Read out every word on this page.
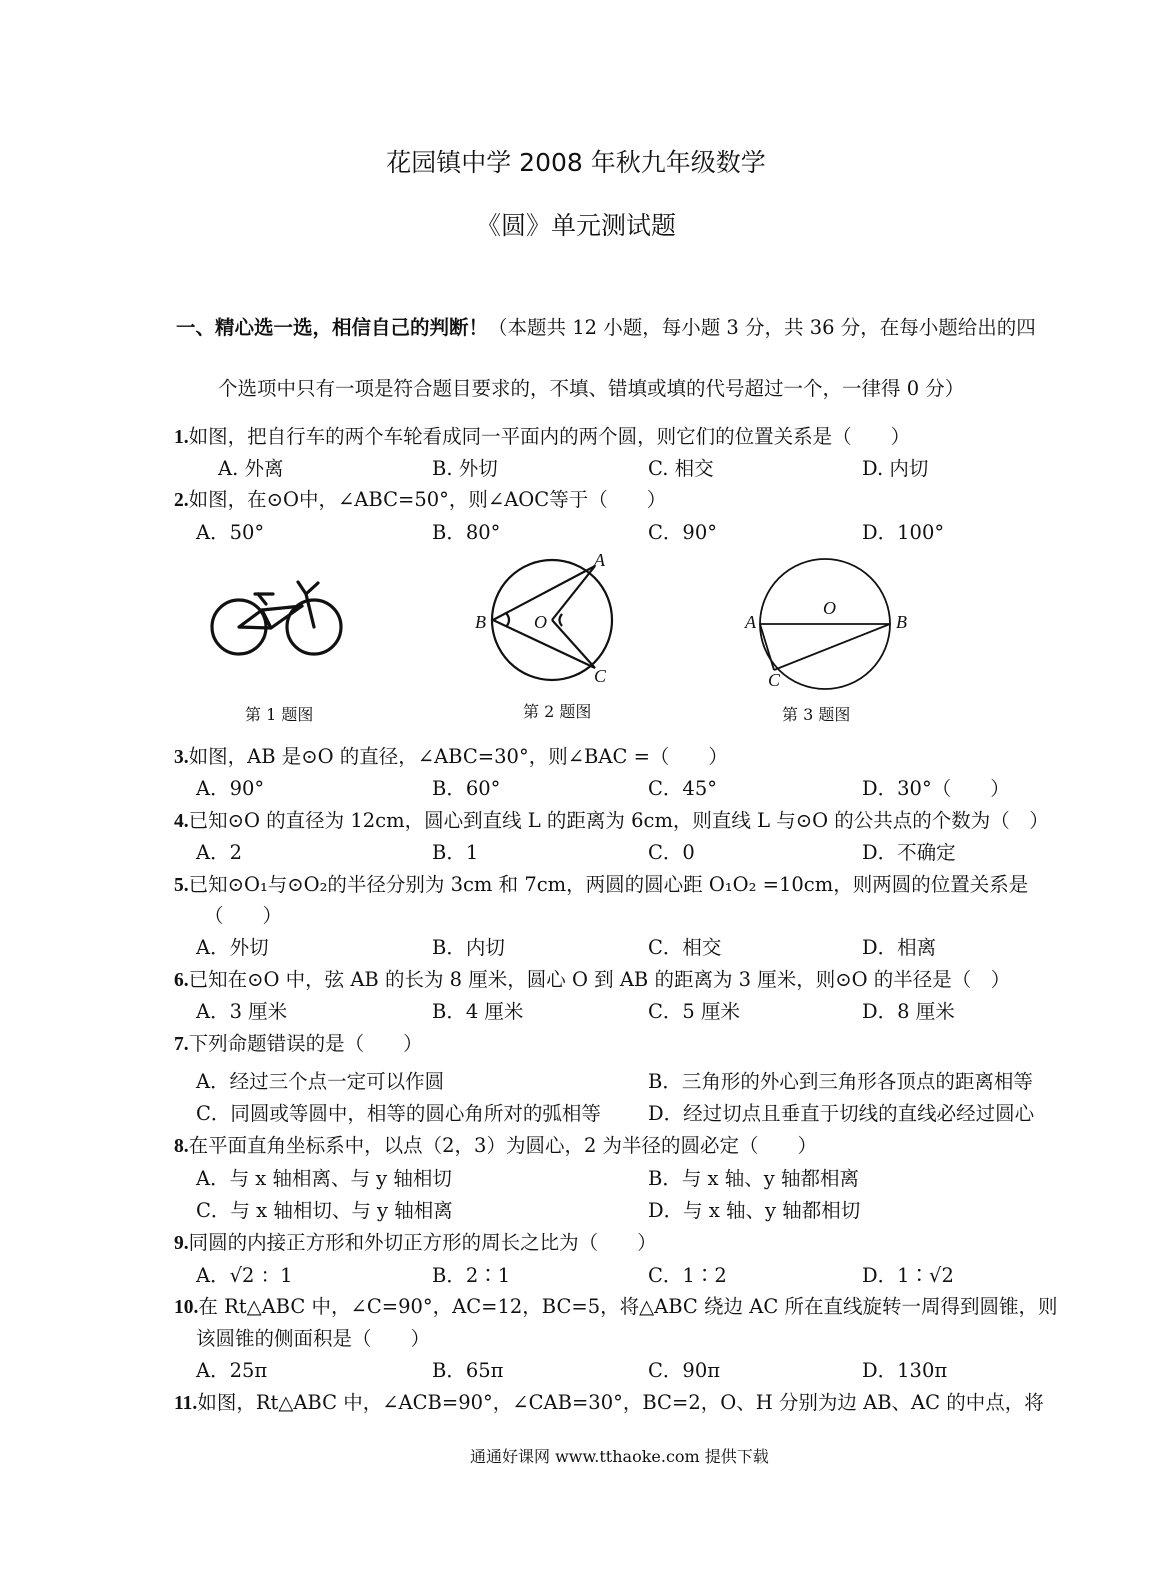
花园镇中学 2008 年秋九年级数学
《圆》单元测试题
一、精心选一选，相信自己的判断！（本题共 12 小题，每小题 3 分，共 36 分，在每小题给出的四
个选项中只有一项是符合题目要求的，不填、错填或填的代号超过一个，一律得 0 分）
1.如图，把自行车的两个车轮看成同一平面内的两个圆，则它们的位置关系是（　　）
A. 外离	B. 外切	C. 相交	D. 内切
2.如图，在⊙O中，∠ABC=50°，则∠AOC等于（　　）
A．50°	B．80°	C．90°	D．100°
A
B
C
O
第 2 题图
第 1 题图
A	B
C
O
第 3 题图
3.如图，AB 是⊙O 的直径，∠ABC=30°，则∠BAC =（　　）
A．90°	B．60°	C．45°	D．30°（　　）
4.已知⊙O 的直径为 12cm，圆心到直线 L 的距离为 6cm，则直线 L 与⊙O 的公共点的个数为（　）
A．2	B．1	C．0	D．不确定
5.已知⊙O₁与⊙O₂的半径分别为 3cm 和 7cm，两圆的圆心距 O₁O₂ =10cm，则两圆的位置关系是
（　　）
A．外切	B．内切	C．相交	D．相离
6.已知在⊙O 中，弦 AB 的长为 8 厘米，圆心 O 到 AB 的距离为 3 厘米，则⊙O 的半径是（　）
A．3 厘米	B．4 厘米	C．5 厘米	D．8 厘米
7.下列命题错误的是（　　）
A．经过三个点一定可以作圆	B．三角形的外心到三角形各顶点的距离相等
C．同圆或等圆中，相等的圆心角所对的弧相等 D．经过切点且垂直于切线的直线必经过圆心
8.在平面直角坐标系中，以点（2，3）为圆心，2 为半径的圆必定（　　）
A．与 x 轴相离、与 y 轴相切	B．与 x 轴、y 轴都相离
C．与 x 轴相切、与 y 轴相离	D．与 x 轴、y 轴都相切
9.同圆的内接正方形和外切正方形的周长之比为（　　）
A．√2 ：1	B．2∶1	C．1∶2	D．1∶√2
10.在 Rt△ABC 中，∠C=90°，AC=12，BC=5，将△ABC 绕边 AC 所在直线旋转一周得到圆锥，则
该圆锥的侧面积是（　　）
A．25π	B．65π	C．90π	D．130π
11.如图，Rt△ABC 中，∠ACB=90°，∠CAB=30°，BC=2，O、H 分别为边 AB、AC 的中点，将
通通好课网 www.tthaoke.com 提供下载
